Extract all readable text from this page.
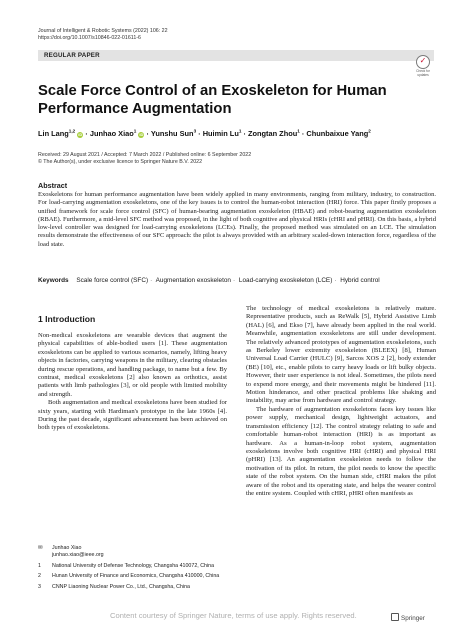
Journal of Intelligent & Robotic Systems (2022) 106: 22
https://doi.org/10.1007/s10846-022-01611-6
REGULAR PAPER
✓
Check for
updates
Scale Force Control of an Exoskeleton for Human Performance Augmentation
Lin Lang$^{1,2}$ iD · Junhao Xiao$^1$ iD · Yunshu Sun$^3$ · Huimin $Lu^1$ · Zongtan Zhou$^1$ · Chunbaixue Yang$^2$
Received: 29 August 2021 / Accepted: 7 March 2022 / Published online: 6 September 2022
© The Author(s), under exclusive licence to Springer Nature B.V. 2022
Abstract
Exoskeletons for human performance augmentation have been widely applied in many environments, ranging from military, industry, to construction. For load-carrying augmentation exoskeletons, one of the key issues is to control the human-robot interaction (HRI) force. This paper firstly proposes a unified framework for scale force control (SFC) of human-bearing augmentation exoskeleton (HBAE) and robot-bearing augmentation exoskeleton (RBAE). Furthermore, a mid-level SFC method was proposed, in the light of both cognitive and physical HRIs (cHRI and pHRI). On this basis, a hybrid low-level controller was designed for load-carrying exoskeletons (LCEs). Finally, the proposed method was simulated on an LCE. The simulation results demonstrate the effectiveness of our SFC approach: the pilot is always provided with an arbitrary scaled-down interaction force, regardless of the load state.
Keywords Scale force control (SFC) · Augmentation exoskeleton · Load-carrying exoskeleton (LCE) · Hybrid control
1 Introduction

Non-medical exoskeletons are wearable devices that augment the physical capabilities of able-bodied users [1]. These augmentation exoskeletons can be applied to various scenarios, namely, lifting heavy objects in factories, carrying weapons in the military, clearing obstacles during rescue operations, and handling package, to name but a few. By contrast, medical exoskeletons [2] also known as orthotics, assist patients with limb pathologies [3], or old people with limited mobility and strength.

Both augmentation and medical exoskeletons have been studied for sixty years, starting with Hardiman's prototype in the late 1960s [4]. During the past decade, significant advancement has been achieved on both types of exoskeletons.

The technology of medical exoskeletons is relatively mature. Representative products, such as ReWalk [5], Hybrid Assistive Limb (HAL) [6], and Ekso [7], have already been applied in the real world. Meanwhile, augmentation exoskeletons are still under development. The relatively advanced prototypes of augmentation exoskeletons, such as Berkeley lower extremity exoskeleton (BLEEX) [8], Human Universal Load Carrier (HULC) [9], Sarcos XOS 2 [2], body extender (BE) [10], etc., enable pilots to carry heavy loads or lift bulky objects. However, their user experience is not ideal. Sometimes, the pilots need to expend more energy, and their movements might be hindered [11]. Motion hinderance, and other practical problems like shaking and instability, may arise from hardware and control strategy.

The hardware of augmentation exoskeletons faces key issues like power supply, mechanical design, lightweight actuators, and transmission efficiency [12]. The control strategy relating to safe and comfortable human-robot interaction (HRI) is as important as hardware. As a human-in-loop robot system, augmentation exoskeletons involve both cognitive HRI (cHRI) and physical HRI (pHRI) [13]. An augmentation exoskeleton needs to follow the motivation of its pilot. In return, the pilot needs to know the specific state of the robot system. On the human side, cHRI makes the pilot aware of the robot and its operating state, and helps the wearer control the entire system. Coupled with cHRI, pHRI often manifests as

✉	Junhao Xiao
junhao.xiao@ieee.org
1	National University of Defense Technology, Changsha 410072, China
2	Hunan University of Finance and Economics, Changsha 410000, China
3	CNNP Liaoning Nuclear Power Co., Ltd., Changsha, China
Springer
Content courtesy of Springer Nature, terms of use apply. Rights reserved.
